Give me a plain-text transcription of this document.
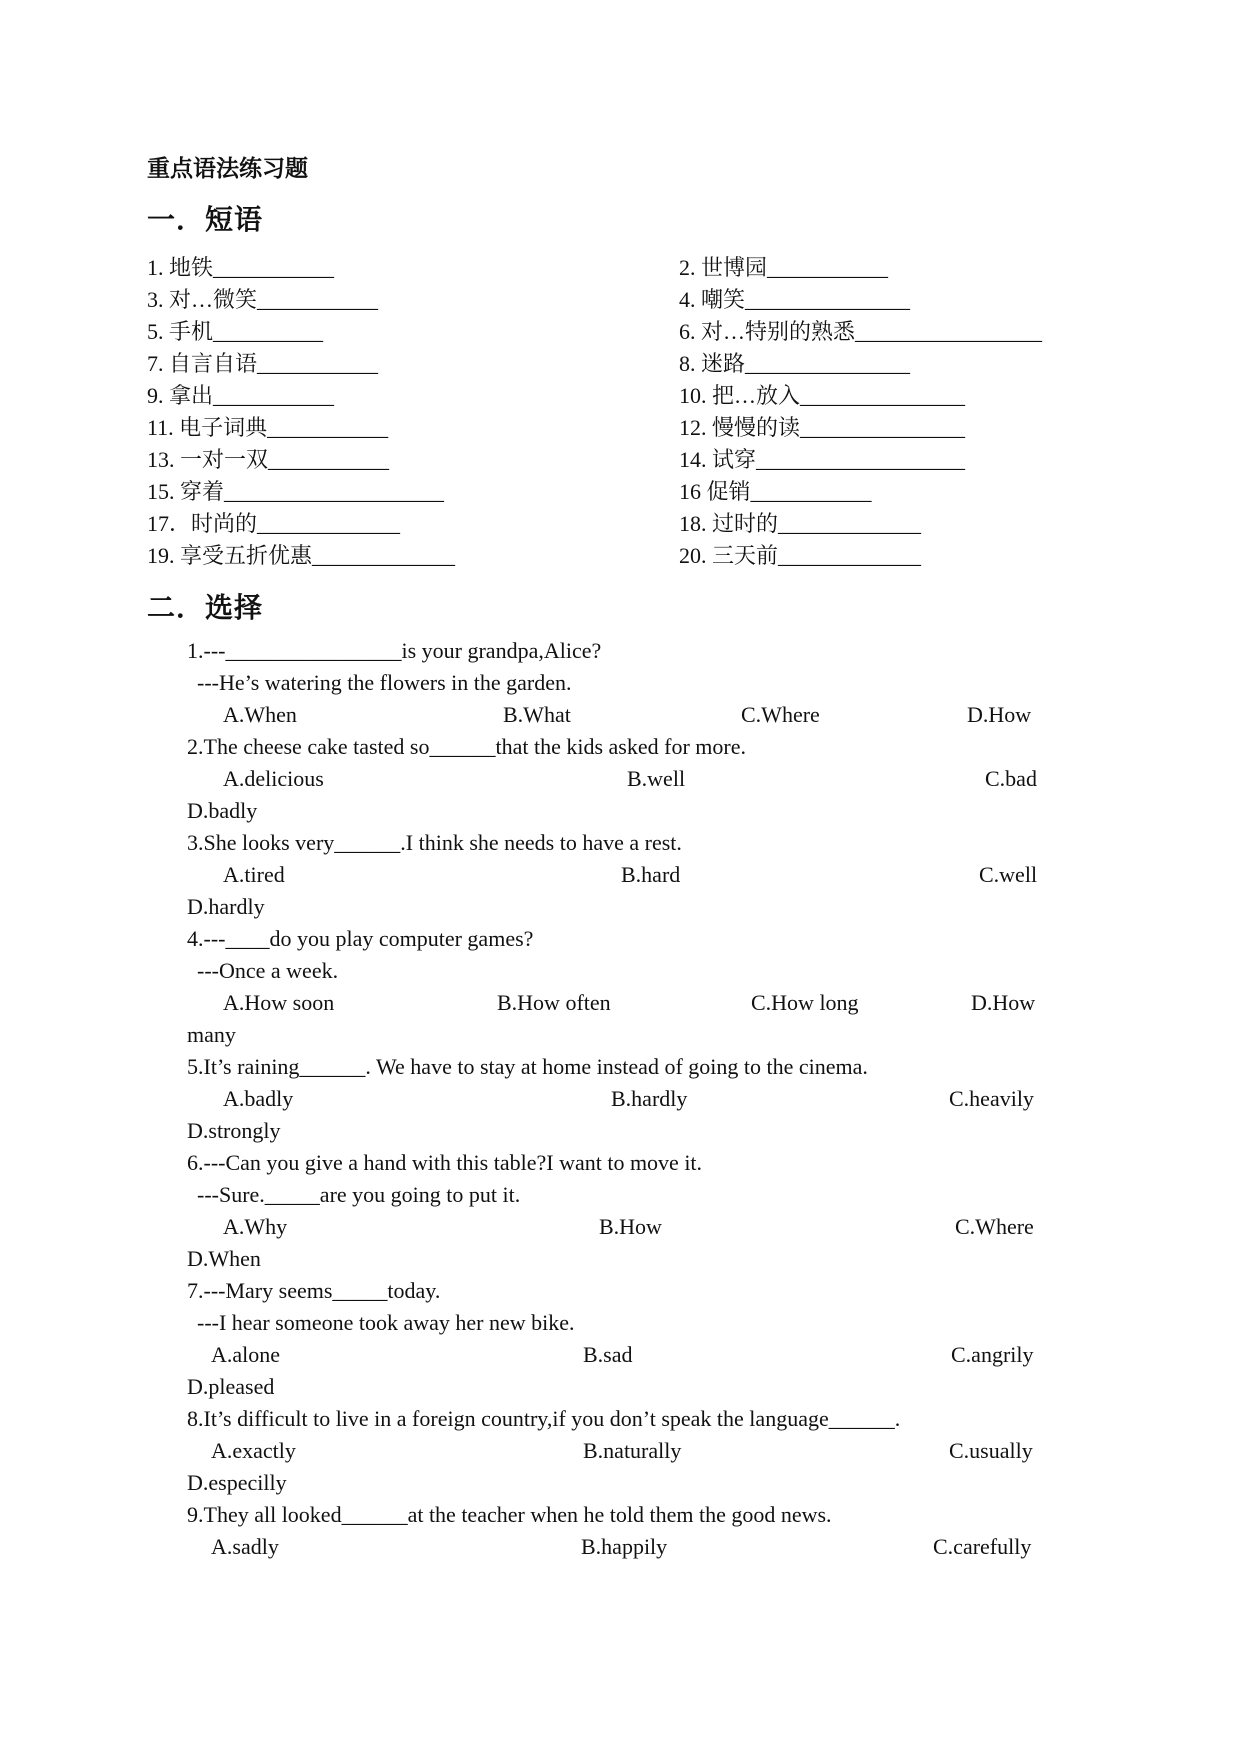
重点语法练习题
一．短语
1. 地铁___________	2. 世博园___________
3. 对…微笑___________	4. 嘲笑_______________
5. 手机__________	6. 对…特别的熟悉_________________
7. 自言自语___________	8. 迷路_______________
9. 拿出___________	10. 把…放入_______________
11. 电子词典___________	12. 慢慢的读_______________
13. 一对一双___________	14. 试穿___________________
15. 穿着____________________	16 促销___________
17．时尚的_____________	18. 过时的_____________
19. 享受五折优惠_____________	20. 三天前_____________
二．选择
1.---________________is your grandpa,Alice?
---He’s watering the flowers in the garden.
A.When	B.What	C.Where	D.How
2.The cheese cake tasted so______that the kids asked for more.
A.delicious	B.well	C.bad
D.badly
3.She looks very______.I think she needs to have a rest.
A.tired	B.hard	C.well
D.hardly
4.---____do you play computer games?
---Once a week.
A.How soon	B.How often	C.How long	D.How
many
5.It’s raining______. We have to stay at home instead of going to the cinema.
A.badly	B.hardly	C.heavily
D.strongly
6.---Can you give a hand with this table?I want to move it.
---Sure._____are you going to put it.
A.Why	B.How	C.Where
D.When
7.---Mary seems_____today.
---I hear someone took away her new bike.
A.alone	B.sad	C.angrily
D.pleased
8.It’s difficult to live in a foreign country,if you don’t speak the language______.
A.exactly	B.naturally	C.usually
D.especilly
9.They all looked______at the teacher when he told them the good news.
A.sadly	B.happily	C.carefully
